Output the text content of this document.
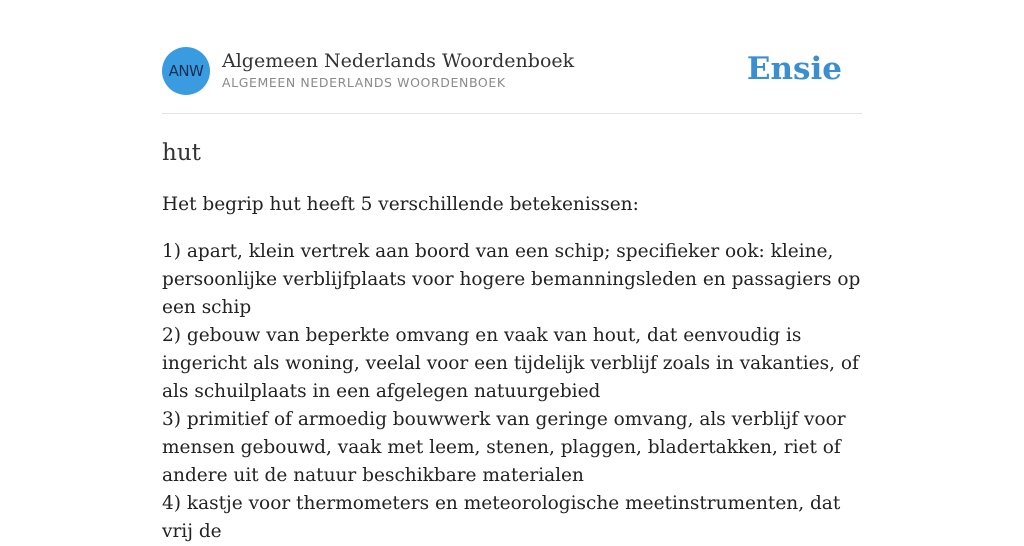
ANW Algemeen Nederlands Woordenboek
ALGEMEEN NEDERLANDS WOORDENBOEK	Ensie
hut
Het begrip hut heeft 5 verschillende betekenissen:

1) apart, klein vertrek aan boord van een schip; specifieker ook: kleine, persoonlijke verblijfplaats voor hogere bemanningsleden en passagiers op een schip

2) gebouw van beperkte omvang en vaak van hout, dat eenvoudig is ingericht als woning, veelal voor een tijdelijk verblijf zoals in vakanties, of als schuilplaats in een afgelegen natuurgebied

3) primitief of armoedig bouwwerk van geringe omvang, als verblijf voor mensen gebouwd, vaak met leem, stenen, plaggen, bladertakken, riet of andere uit de natuur beschikbare materialen

4) kastje voor thermometers en meteorologische meetinstrumenten, dat vrij de
